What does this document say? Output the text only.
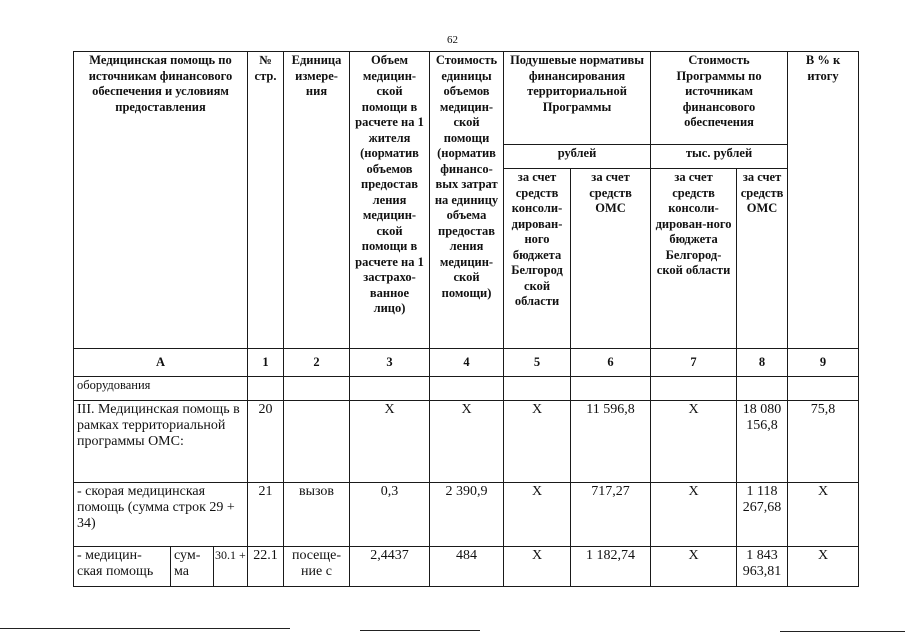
62
Медицинская помощь по источникам финансового обеспечения и условиям предоставления			№ стр.	Единица измере-ния	Объем медицин-ской помощи в расчете на 1 жителя (норматив объемов предостав ления медицин-ской помощи в расчете на 1 застрахо-ванное лицо)	Стоимость единицы объемов медицин-ской помощи (норматив финансо-вых затрат на единицу объема предостав ления медицин-ской помощи)	Подушевые нормативы финансирования территориальной Программы		Стоимость Программы по источникам финансового обеспечения		В % к итогу
							рублей		тыс. рублей		
							за счет средств консоли-дирован-ного бюджета Белгород ской области	за счет средств ОМС	за счет средств консоли-дирован-ного бюджета Белгород-ской области	за счет средств ОМС	
А			1	2	3	4	5	6	7	8	9
оборудования											
III. Медицинская помощь в рамках территориальной программы ОМС:			20		X	X	X	11 596,8	X	18 080 156,8	75,8
- скорая медицинская помощь (сумма строк 29 + 34)			21	вызов	0,3	2 390,9	X	717,27	X	1 118 267,68	X
- медицин-ская помощь	сум-ма	30.1 +	22.1	посеще-ние с	2,4437	484	X	1 182,74	X	1 843 963,81	X
